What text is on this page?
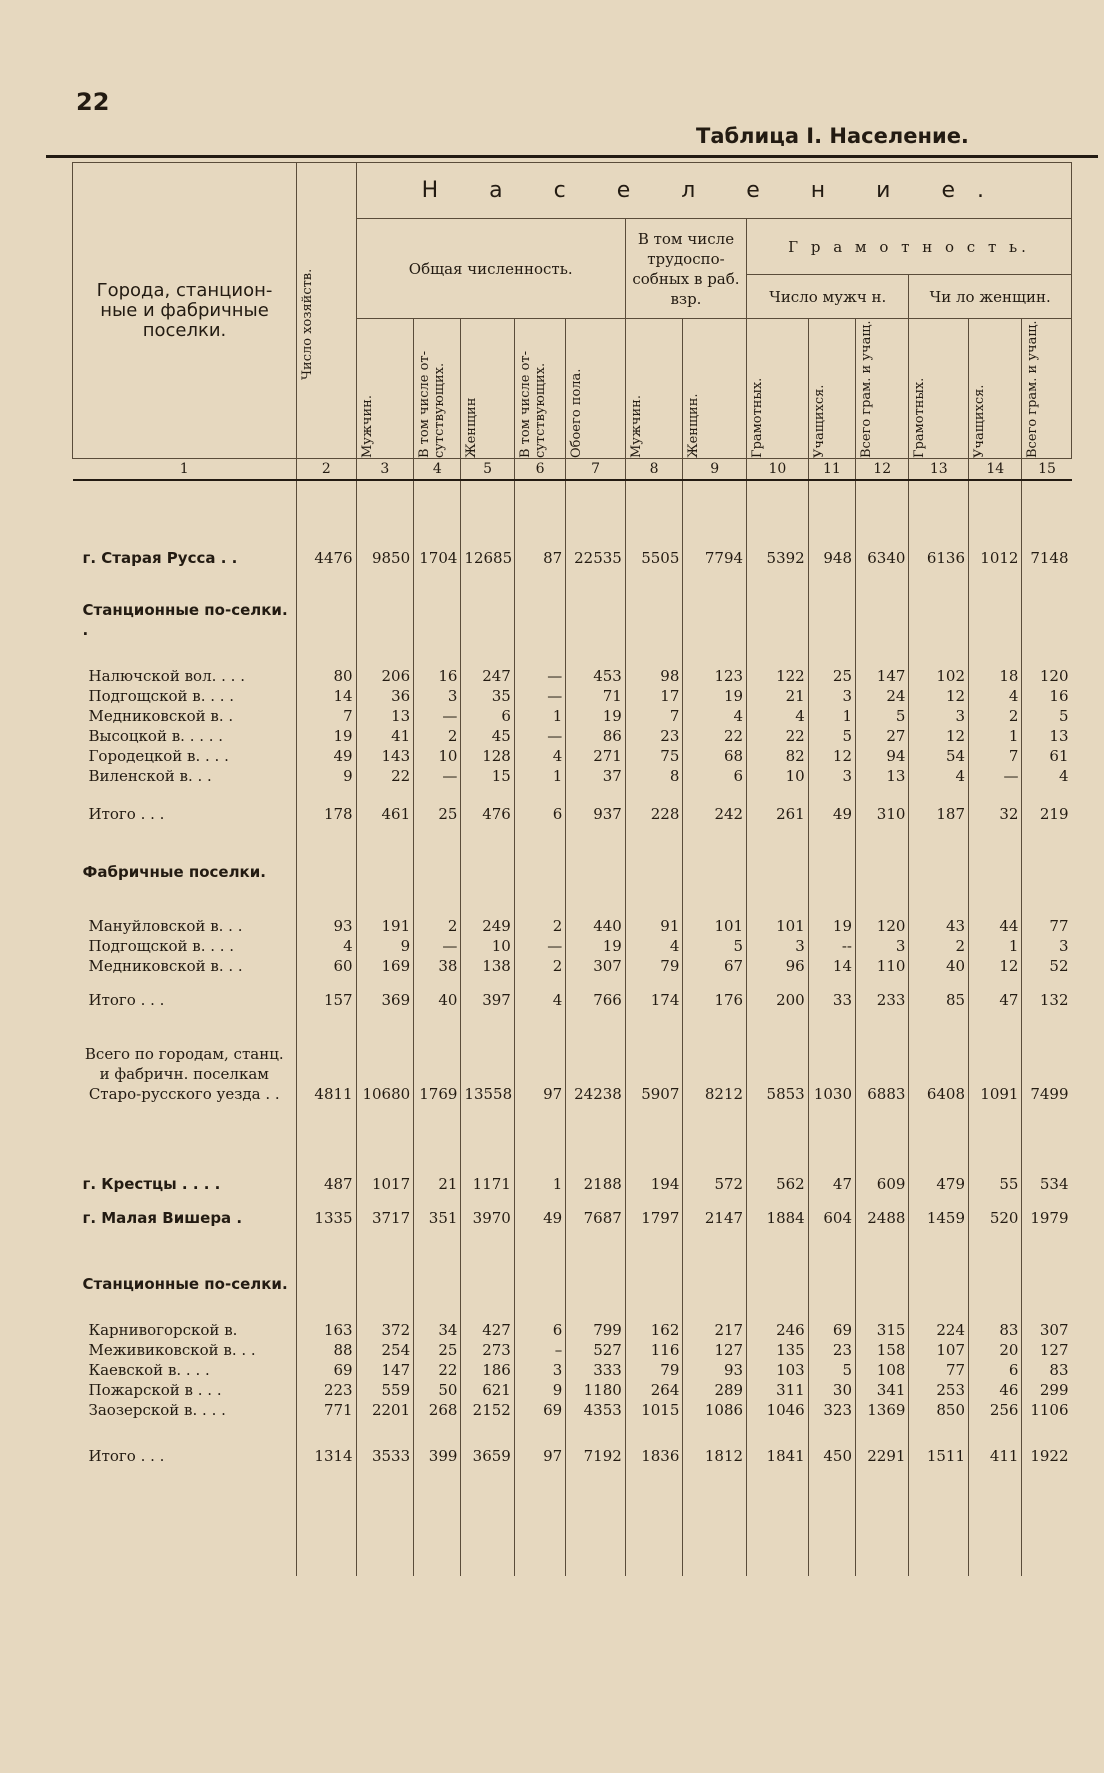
22
Таблица I. Население.
Города, станцион-ные и фабричные поселки.	Число хозяйств.	Н а с е л е н и е.												
		Общая численность.					В том числе трудоспо-собных в раб. взр.		Г р а м о т н о с т ь.					
									Число мужч н.			Чи ло женщин.		

		Мужчин.	В том числе от-сутствующих.	Женщин	В том числе от-сутствующих.	Обоего пола.	Мужчин.	Женщин.	Грамотных.	Учащихся.	Всего грам. и учащ.	Грамотных.	Учащихся.	Всего грам. и учащ.

1	2	3	4	5	6	7	8	9	10	11	12	13	14	15

г. Старая Русса . .	4476	9850	1704	12685	87	22535	5505	7794	5392	948	6340	6136	1012	7148

Станционные по-селки. .														

Налючской вол. . . .	80	206	16	247	—	453	98	123	122	25	147	102	18	120
Подгощской в. . . .	14	36	3	35	—	71	17	19	21	3	24	12	4	16
Медниковской в. .	7	13	—	6	1	19	7	4	4	1	5	3	2	5
Высоцкой в. . . . .	19	41	2	45	—	86	23	22	22	5	27	12	1	13
Городецкой в. . . .	49	143	10	128	4	271	75	68	82	12	94	54	7	61
Виленской в. . .	9	22	—	15	1	37	8	6	10	3	13	4	—	4

Итого . . .	178	461	25	476	6	937	228	242	261	49	310	187	32	219

Фабричные поселки.														

Мануйловской в. . .	93	191	2	249	2	440	91	101	101	19	120	43	44	77
Подгощской в. . . .	4	9	—	10	—	19	4	5	3	--	3	2	1	3
Медниковской в. . .	60	169	38	138	2	307	79	67	96	14	110	40	12	52

Итого . . .	157	369	40	397	4	766	174	176	200	33	233	85	47	132

Всего по городам, станц. и фабричн. поселкам Старо-русского уезда . .	4811	10680	1769	13558	97	24238	5907	8212	5853	1030	6883	6408	1091	7499

г. Крестцы . . . .	487	1017	21	1171	1	2188	194	572	562	47	609	479	55	534

г. Малая Вишера .	1335	3717	351	3970	49	7687	1797	2147	1884	604	2488	1459	520	1979

Станционные по-селки.														

Карнивогорской в.	163	372	34	427	6	799	162	217	246	69	315	224	83	307
Меживиковской в. . .	88	254	25	273	–	527	116	127	135	23	158	107	20	127
Каевской в. . . .	69	147	22	186	3	333	79	93	103	5	108	77	6	83
Пожарской в . . .	223	559	50	621	9	1180	264	289	311	30	341	253	46	299
Заозерской в. . . .	771	2201	268	2152	69	4353	1015	1086	1046	323	1369	850	256	1106

Итого . . .	1314	3533	399	3659	97	7192	1836	1812	1841	450	2291	1511	411	1922
